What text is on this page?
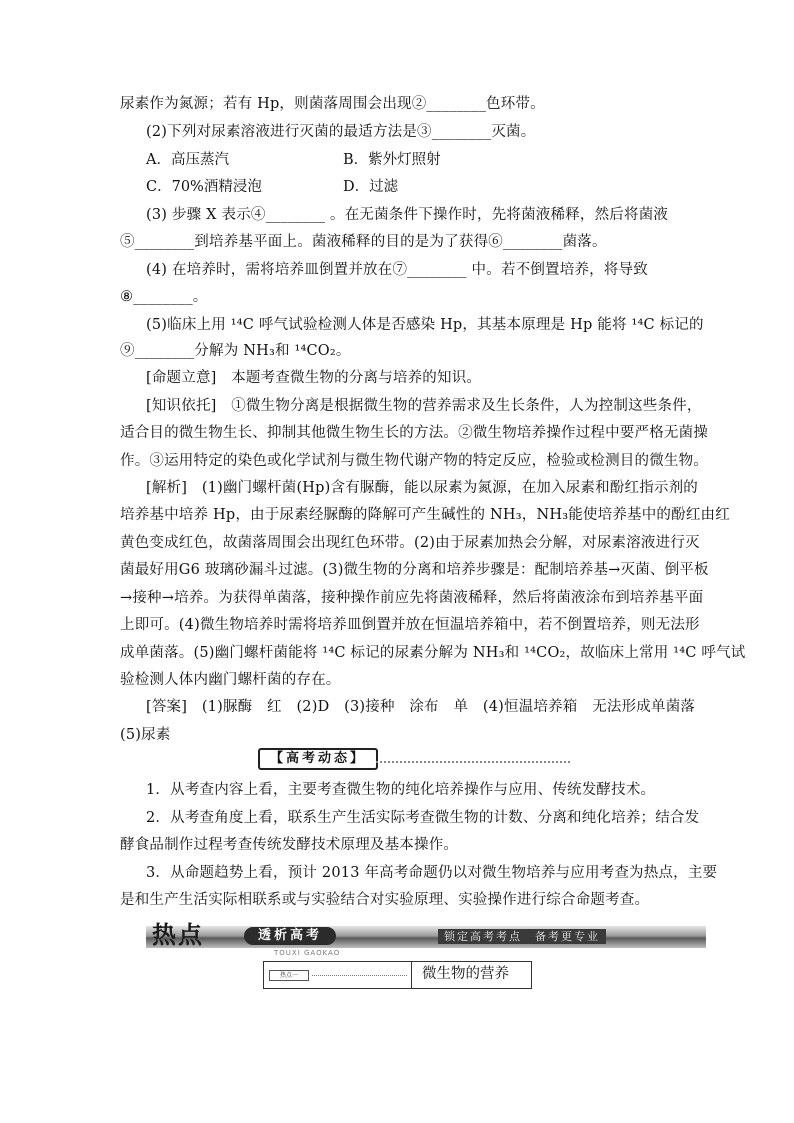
尿素作为氮源；若有 Hp，则菌落周围会出现②________色环带。
(2)下列对尿素溶液进行灭菌的最适方法是③________灭菌。
A．高压蒸汽	B．紫外灯照射
C．70%酒精浸泡	D．过滤
(3) 步骤 X 表示④________ 。在无菌条件下操作时，先将菌液稀释，然后将菌液
⑤________到培养基平面上。菌液稀释的目的是为了获得⑥________菌落。
(4) 在培养时，需将培养皿倒置并放在⑦________ 中。若不倒置培养，将导致
⑧________。
(5)临床上用 ¹⁴C 呼气试验检测人体是否感染 Hp，其基本原理是 Hp 能将 ¹⁴C 标记的
⑨________分解为 NH₃和 ¹⁴CO₂。
[命题立意]　本题考查微生物的分离与培养的知识。
[知识依托]　①微生物分离是根据微生物的营养需求及生长条件，人为控制这些条件，
适合目的微生物生长、抑制其他微生物生长的方法。②微生物培养操作过程中要严格无菌操
作。③运用特定的染色或化学试剂与微生物代谢产物的特定反应，检验或检测目的微生物。
[解析]　(1)幽门螺杆菌(Hp)含有脲酶，能以尿素为氮源，在加入尿素和酚红指示剂的
培养基中培养 Hp，由于尿素经脲酶的降解可产生碱性的 NH₃，NH₃能使培养基中的酚红由红
黄色变成红色，故菌落周围会出现红色环带。(2)由于尿素加热会分解，对尿素溶液进行灭
菌最好用G6 玻璃砂漏斗过滤。(3)微生物的分离和培养步骤是：配制培养基→灭菌、倒平板
→接种→培养。为获得单菌落，接种操作前应先将菌液稀释，然后将菌液涂布到培养基平面
上即可。(4)微生物培养时需将培养皿倒置并放在恒温培养箱中，若不倒置培养，则无法形
成单菌落。(5)幽门螺杆菌能将 ¹⁴C 标记的尿素分解为 NH₃和 ¹⁴CO₂，故临床上常用 ¹⁴C 呼气试
验检测人体内幽门螺杆菌的存在。
[答案]　(1)脲酶　红　(2)D　(3)接种　涂布　单　(4)恒温培养箱　无法形成单菌落
(5)尿素
【高考动态】
1．从考查内容上看，主要考查微生物的纯化培养操作与应用、传统发酵技术。
2．从考查角度上看，联系生产生活实际考查微生物的计数、分离和纯化培养；结合发
酵食品制作过程考查传统发酵技术原理及基本操作。
3．从命题趋势上看，预计 2013 年高考命题仍以对微生物培养与应用考查为热点，主要
是和生产生活实际相联系或与实验结合对实验原理、实验操作进行综合命题考查。
热点	透析高考
TOUXI GAOKAO
锁定高考考点　备考更专业
热点一	微生物的营养
